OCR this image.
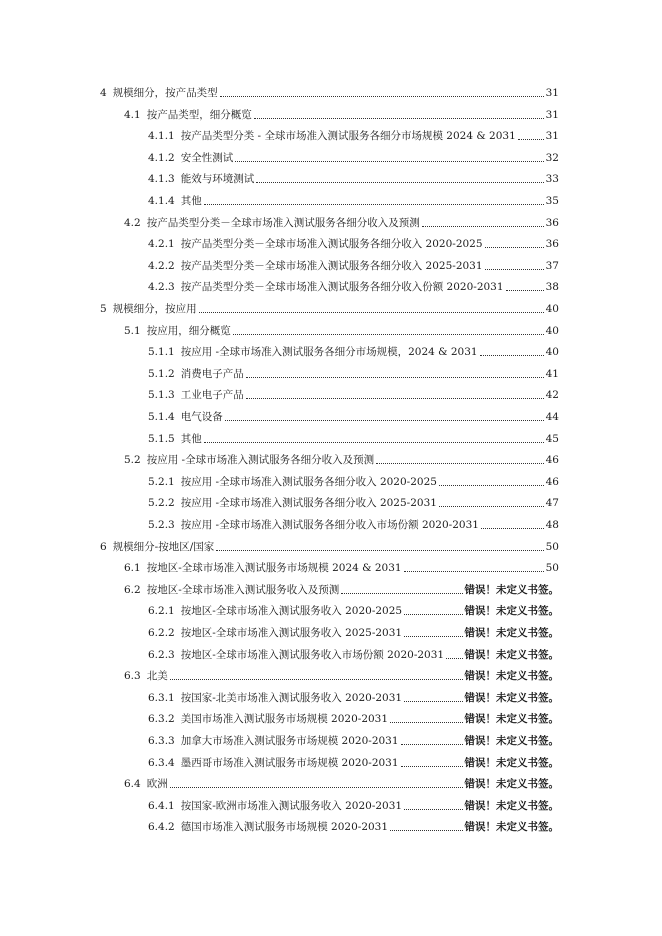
4 规模细分，按产品类型	31
4.1 按产品类型，细分概览	31
4.1.1 按产品类型分类 - 全球市场准入测试服务各细分市场规模 2024 & 2031	31
4.1.2 安全性测试	32
4.1.3 能效与环境测试	33
4.1.4 其他	35
4.2 按产品类型分类－全球市场准入测试服务各细分收入及预测	36
4.2.1 按产品类型分类－全球市场准入测试服务各细分收入 2020-2025	36
4.2.2 按产品类型分类－全球市场准入测试服务各细分收入 2025-2031	37
4.2.3 按产品类型分类－全球市场准入测试服务各细分收入份额 2020-2031	38
5 规模细分，按应用	40
5.1 按应用，细分概览	40
5.1.1 按应用 -全球市场准入测试服务各细分市场规模，2024 & 2031	40
5.1.2 消费电子产品	41
5.1.3 工业电子产品	42
5.1.4 电气设备	44
5.1.5 其他	45
5.2 按应用 -全球市场准入测试服务各细分收入及预测	46
5.2.1 按应用 -全球市场准入测试服务各细分收入 2020-2025	46
5.2.2 按应用 -全球市场准入测试服务各细分收入 2025-2031	47
5.2.3 按应用 -全球市场准入测试服务各细分收入市场份额 2020-2031	48
6 规模细分-按地区/国家	50
6.1 按地区-全球市场准入测试服务市场规模 2024 & 2031	50
6.2 按地区-全球市场准入测试服务收入及预测	错误！未定义书签。
6.2.1 按地区-全球市场准入测试服务收入 2020-2025	错误！未定义书签。
6.2.2 按地区-全球市场准入测试服务收入 2025-2031	错误！未定义书签。
6.2.3 按地区-全球市场准入测试服务收入市场份额 2020-2031 错误！未定义书签。
6.3 北美	错误！未定义书签。
6.3.1 按国家-北美市场准入测试服务收入 2020-2031	错误！未定义书签。
6.3.2 美国市场准入测试服务市场规模 2020-2031	错误！未定义书签。
6.3.3 加拿大市场准入测试服务市场规模 2020-2031	错误！未定义书签。
6.3.4 墨西哥市场准入测试服务市场规模 2020-2031	错误！未定义书签。
6.4 欧洲	错误！未定义书签。
6.4.1 按国家-欧洲市场准入测试服务收入 2020-2031	错误！未定义书签。
6.4.2 德国市场准入测试服务市场规模 2020-2031	错误！未定义书签。
